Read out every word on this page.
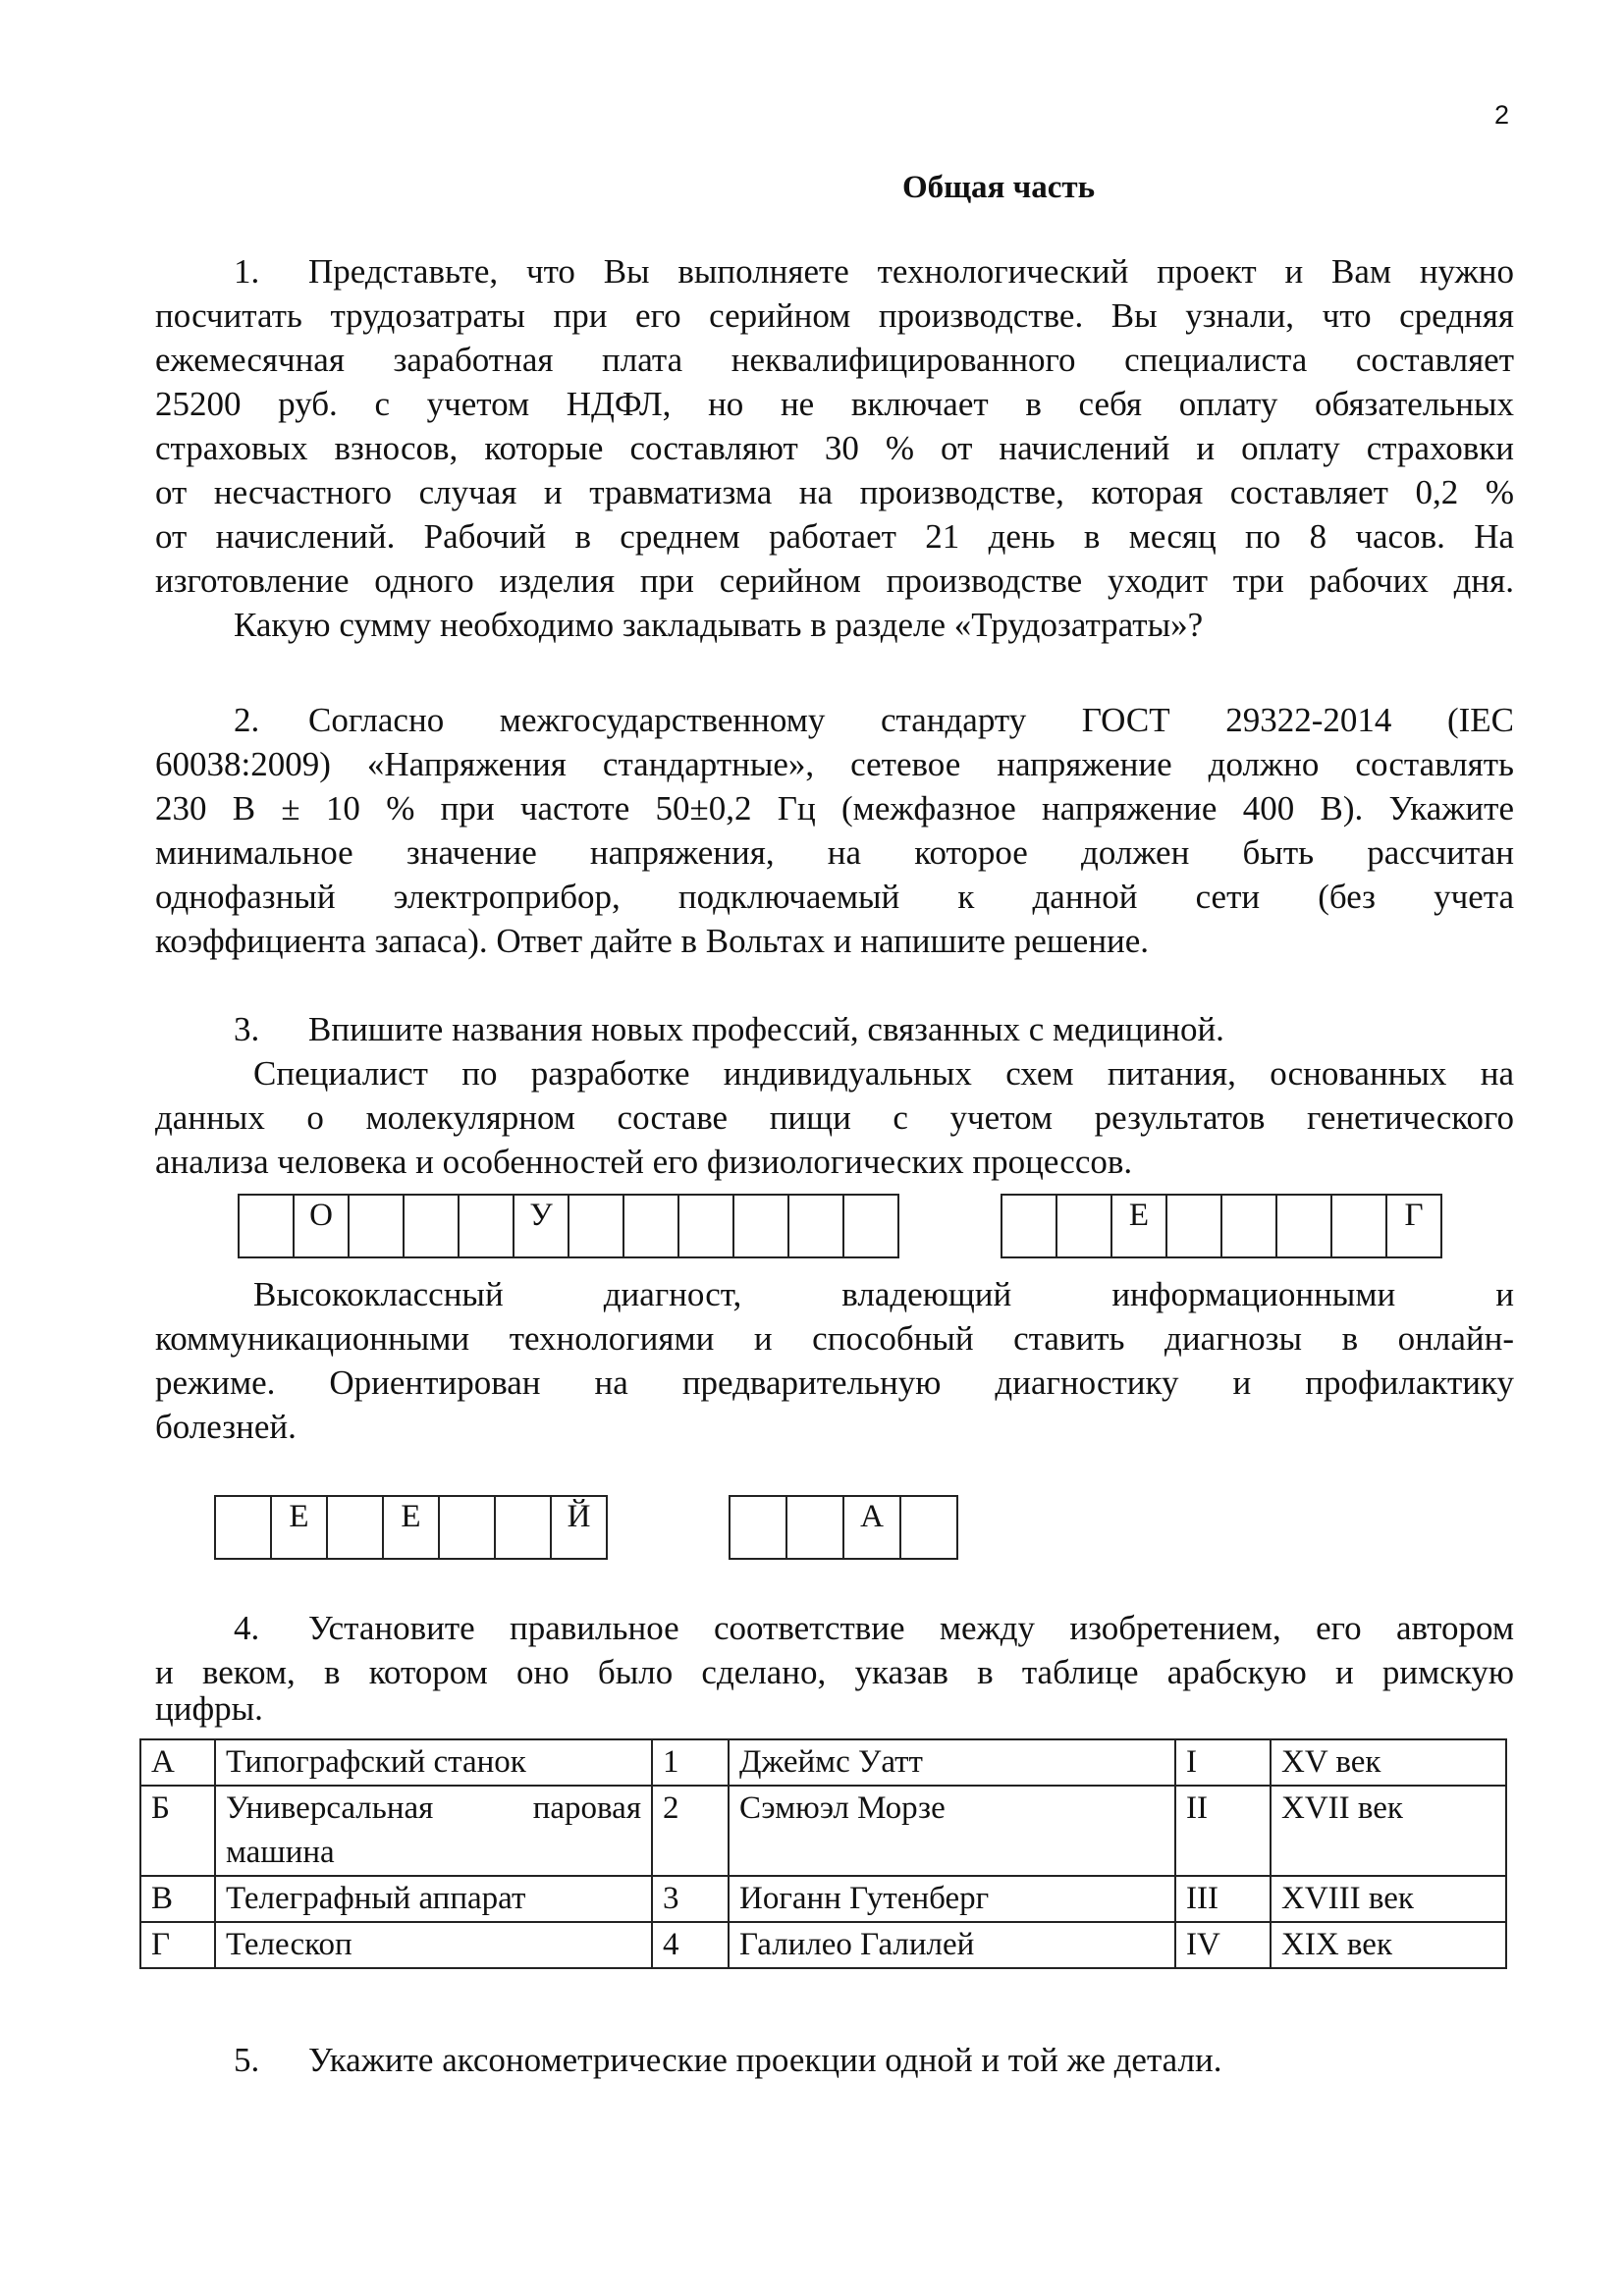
2
Общая часть

1. Представьте, что Вы выполняете технологический проект и Вам нужно

посчитать трудозатраты при его серийном производстве. Вы узнали, что средняя
ежемесячная заработная плата неквалифицированного специалиста составляет
25200 руб. с учетом НДФЛ, но не включает в себя оплату обязательных
страховых взносов, которые составляют 30 % от начислений и оплату страховки
от несчастного случая и травматизма на производстве, которая составляет 0,2 %
от начислений. Рабочий в среднем работает 21 день в месяц по 8 часов. На
изготовление одного изделия при серийном производстве уходит три рабочих дня.

Какую сумму необходимо закладывать в разделе «Трудозатраты»?

2. Согласно межгосударственному стандарту ГОСТ 29322-2014 (IEC

60038:2009) «Напряжения стандартные», сетевое напряжение должно составлять
230 В ± 10 % при частоте 50±0,2 Гц (межфазное напряжение 400 В). Укажите
минимальное значение напряжения, на которое должен быть рассчитан
однофазный электроприбор, подключаемый к данной сети (без учета
коэффициента запаса). Ответ дайте в Вольтах и напишите решение.

3. Впишите названия новых профессий, связанных с медициной.

Специалист по разработке индивидуальных схем питания, основанных на
данных о молекулярном составе пищи с учетом результатов генетического
анализа человека и особенностей его физиологических процессов.
О	У	Е	Г
Высококлассный диагност, владеющий информационными и
коммуникационными технологиями и способный ставить диагнозы в онлайн-
режиме. Ориентирован на предварительную диагностику и профилактику
болезней.
Е	Е	Й	А

4. Установите правильное соответствие между изобретением, его автором

и веком, в котором оно было сделано, указав в таблице арабскую и римскую
цифры.
А	Типографский станок	1	Джеймс Уатт	I	XV век
Б	Универсальная паровая машина	2	Сэмюэл Морзе	II	XVII век
В	Телеграфный аппарат	3	Иоганн Гутенберг	III	XVIII век
Г	Телескоп	4	Галилео Галилей	IV	XIX век

5. Укажите аксонометрические проекции одной и той же детали.
